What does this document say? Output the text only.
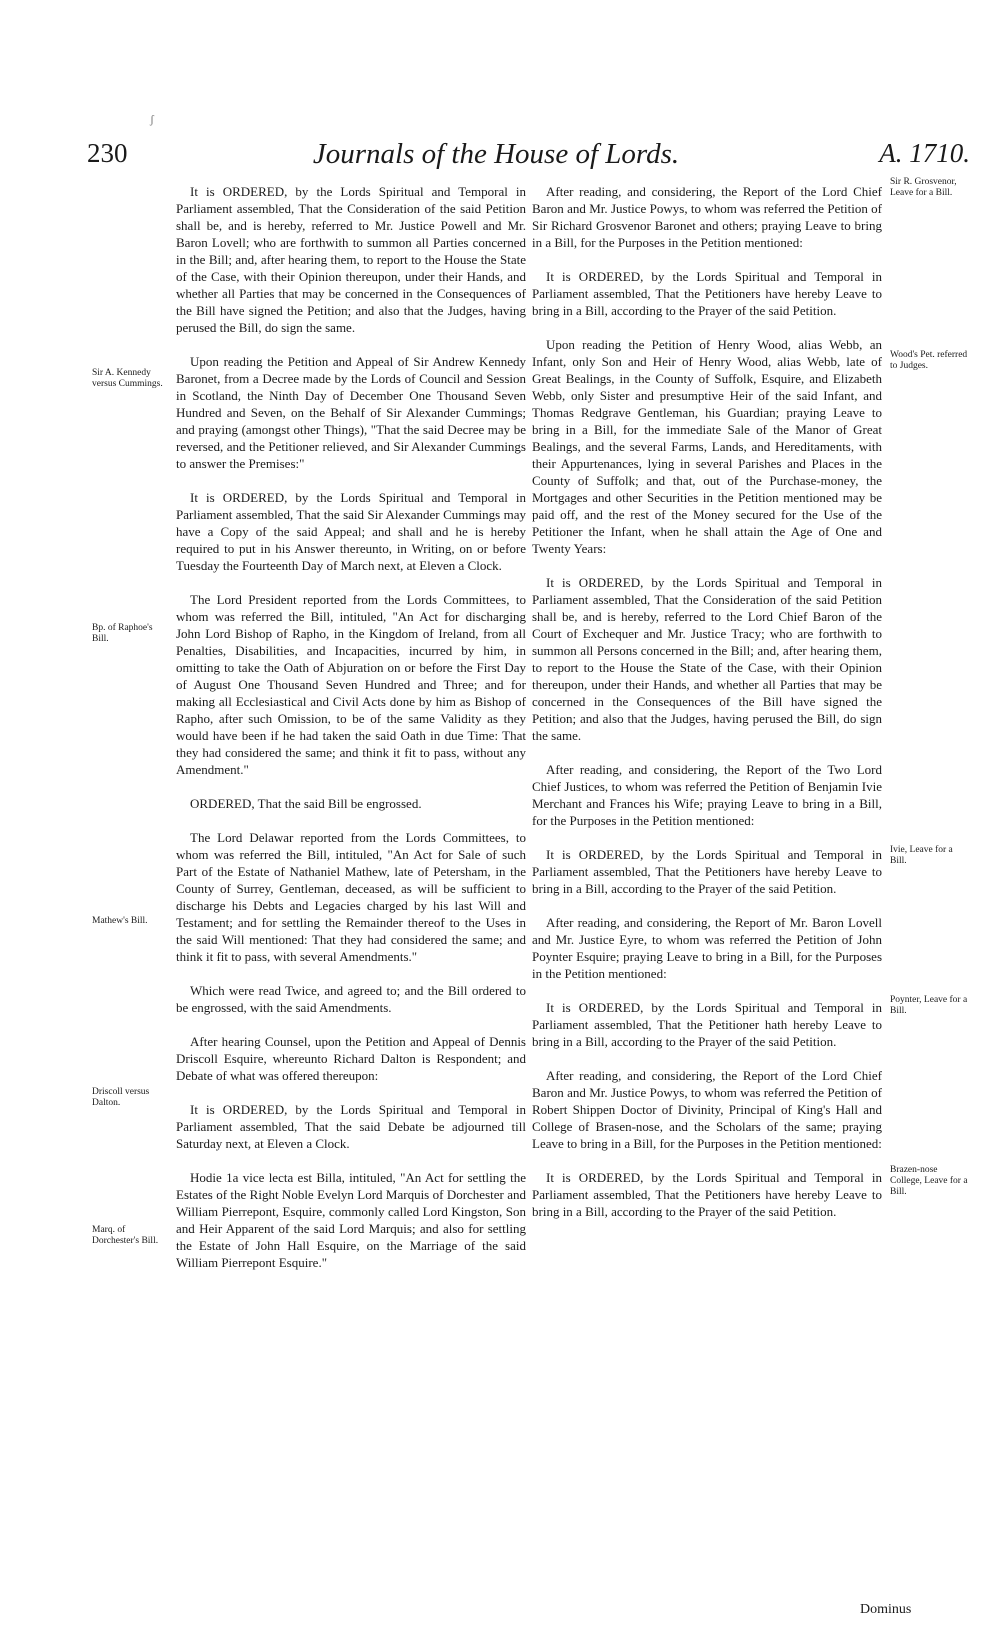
ʃ
230	Journals of the House of Lords.	A. 1710.

It is ORDERED, by the Lords Spiritual and Temporal in Parliament assembled, That the Consideration of the said Petition shall be, and is hereby, referred to Mr. Justice Powell and Mr. Baron Lovell; who are forthwith to summon all Parties concerned in the Bill; and, after hearing them, to report to the House the State of the Case, with their Opinion thereupon, under their Hands, and whether all Parties that may be concerned in the Consequences of the Bill have signed the Petition; and also that the Judges, having perused the Bill, do sign the same.

Upon reading the Petition and Appeal of Sir Andrew Kennedy Baronet, from a Decree made by the Lords of Council and Session in Scotland, the Ninth Day of December One Thousand Seven Hundred and Seven, on the Behalf of Sir Alexander Cummings; and praying (amongst other Things), "That the said Decree may be reversed, and the Petitioner relieved, and Sir Alexander Cummings to answer the Premises:"

It is ORDERED, by the Lords Spiritual and Temporal in Parliament assembled, That the said Sir Alexander Cummings may have a Copy of the said Appeal; and shall and he is hereby required to put in his Answer thereunto, in Writing, on or before Tuesday the Fourteenth Day of March next, at Eleven a Clock.

The Lord President reported from the Lords Committees, to whom was referred the Bill, intituled, "An Act for discharging John Lord Bishop of Rapho, in the Kingdom of Ireland, from all Penalties, Disabilities, and Incapacities, incurred by him, in omitting to take the Oath of Abjuration on or before the First Day of August One Thousand Seven Hundred and Three; and for making all Ecclesiastical and Civil Acts done by him as Bishop of Rapho, after such Omission, to be of the same Validity as they would have been if he had taken the said Oath in due Time: That they had considered the same; and think it fit to pass, without any Amendment."

ORDERED, That the said Bill be engrossed.

The Lord Delawar reported from the Lords Committees, to whom was referred the Bill, intituled, "An Act for Sale of such Part of the Estate of Nathaniel Mathew, late of Petersham, in the County of Surrey, Gentleman, deceased, as will be sufficient to discharge his Debts and Legacies charged by his last Will and Testament; and for settling the Remainder thereof to the Uses in the said Will mentioned: That they had considered the same; and think it fit to pass, with several Amendments."

Which were read Twice, and agreed to; and the Bill ordered to be engrossed, with the said Amendments.

After hearing Counsel, upon the Petition and Appeal of Dennis Driscoll Esquire, whereunto Richard Dalton is Respondent; and Debate of what was offered thereupon:

It is ORDERED, by the Lords Spiritual and Temporal in Parliament assembled, That the said Debate be adjourned till Saturday next, at Eleven a Clock.

Hodie 1a vice lecta est Billa, intituled, "An Act for settling the Estates of the Right Noble Evelyn Lord Marquis of Dorchester and William Pierrepont, Esquire, commonly called Lord Kingston, Son and Heir Apparent of the said Lord Marquis; and also for settling the Estate of John Hall Esquire, on the Marriage of the said William Pierrepont Esquire."

After reading, and considering, the Report of the Lord Chief Baron and Mr. Justice Powys, to whom was referred the Petition of Sir Richard Grosvenor Baronet and others; praying Leave to bring in a Bill, for the Purposes in the Petition mentioned:

It is ORDERED, by the Lords Spiritual and Temporal in Parliament assembled, That the Petitioners have hereby Leave to bring in a Bill, according to the Prayer of the said Petition.

Upon reading the Petition of Henry Wood, alias Webb, an Infant, only Son and Heir of Henry Wood, alias Webb, late of Great Bealings, in the County of Suffolk, Esquire, and Elizabeth Webb, only Sister and presumptive Heir of the said Infant, and Thomas Redgrave Gentleman, his Guardian; praying Leave to bring in a Bill, for the immediate Sale of the Manor of Great Bealings, and the several Farms, Lands, and Hereditaments, with their Appurtenances, lying in several Parishes and Places in the County of Suffolk; and that, out of the Purchase-money, the Mortgages and other Securities in the Petition mentioned may be paid off, and the rest of the Money secured for the Use of the Petitioner the Infant, when he shall attain the Age of One and Twenty Years:

It is ORDERED, by the Lords Spiritual and Temporal in Parliament assembled, That the Consideration of the said Petition shall be, and is hereby, referred to the Lord Chief Baron of the Court of Exchequer and Mr. Justice Tracy; who are forthwith to summon all Persons concerned in the Bill; and, after hearing them, to report to the House the State of the Case, with their Opinion thereupon, under their Hands, and whether all Parties that may be concerned in the Consequences of the Bill have signed the Petition; and also that the Judges, having perused the Bill, do sign the same.

After reading, and considering, the Report of the Two Lord Chief Justices, to whom was referred the Petition of Benjamin Ivie Merchant and Frances his Wife; praying Leave to bring in a Bill, for the Purposes in the Petition mentioned:

It is ORDERED, by the Lords Spiritual and Temporal in Parliament assembled, That the Petitioners have hereby Leave to bring in a Bill, according to the Prayer of the said Petition.

After reading, and considering, the Report of Mr. Baron Lovell and Mr. Justice Eyre, to whom was referred the Petition of John Poynter Esquire; praying Leave to bring in a Bill, for the Purposes in the Petition mentioned:

It is ORDERED, by the Lords Spiritual and Temporal in Parliament assembled, That the Petitioner hath hereby Leave to bring in a Bill, according to the Prayer of the said Petition.

After reading, and considering, the Report of the Lord Chief Baron and Mr. Justice Powys, to whom was referred the Petition of Robert Shippen Doctor of Divinity, Principal of King's Hall and College of Brasen-nose, and the Scholars of the same; praying Leave to bring in a Bill, for the Purposes in the Petition mentioned:

It is ORDERED, by the Lords Spiritual and Temporal in Parliament assembled, That the Petitioners have hereby Leave to bring in a Bill, according to the Prayer of the said Petition.

Sir A. Kennedy versus Cummings.
Bp. of Raphoe's Bill.
Mathew's Bill.
Driscoll versus Dalton.
Marq. of Dorchester's Bill.
Sir R. Grosvenor, Leave for a Bill.
Wood's Pet. referred to Judges.
Ivie, Leave for a Bill.
Poynter, Leave for a Bill.
Brazen-nose College, Leave for a Bill.
Dominus
